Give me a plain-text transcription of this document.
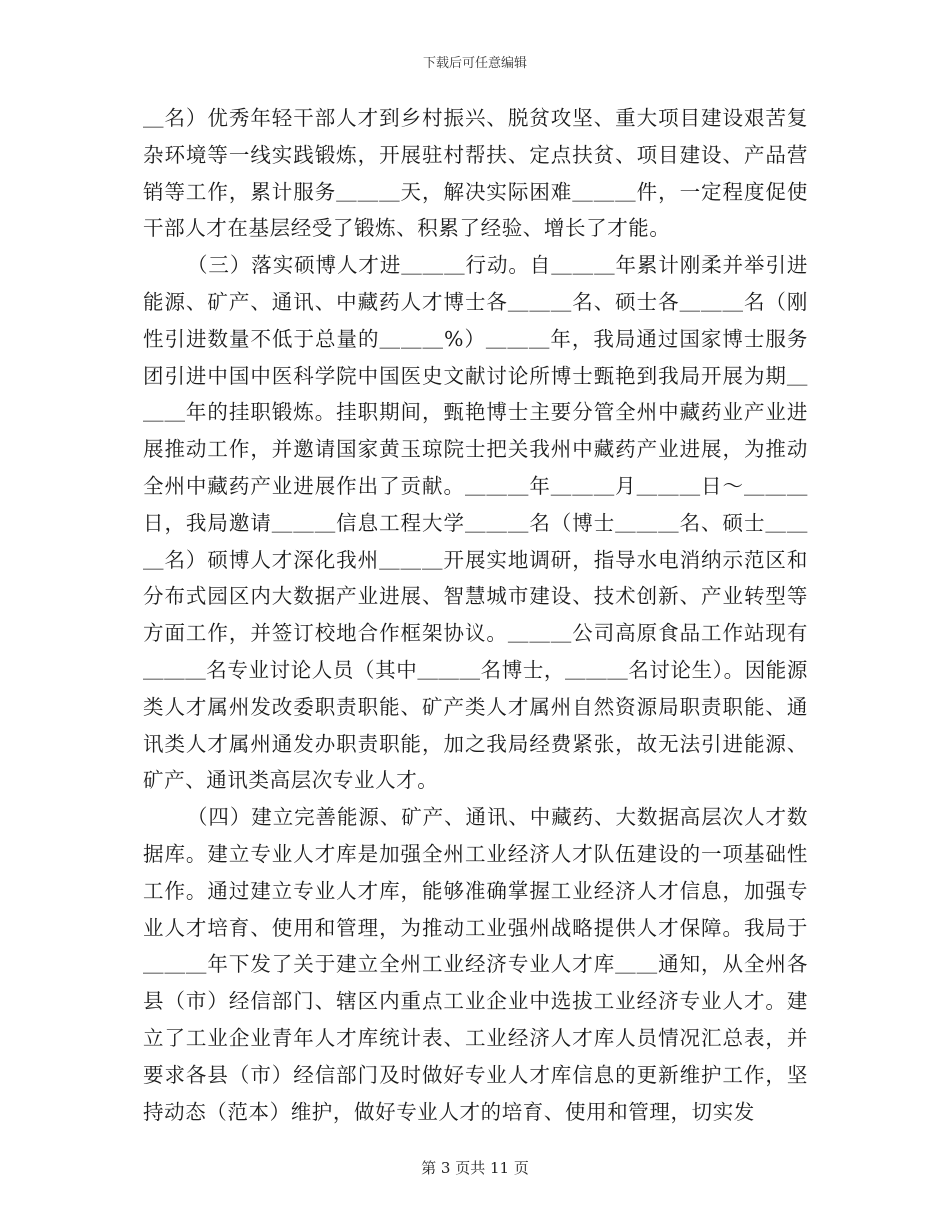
下载后可任意编辑

＿名）优秀年轻干部人才到乡村振兴、脱贫攻坚、重大项目建设艰苦复杂环境等一线实践锻炼，开展驻村帮扶、定点扶贫、项目建设、产品营销等工作，累计服务＿＿＿天，解决实际困难＿＿＿件，一定程度促使干部人才在基层经受了锻炼、积累了经验、增长了才能。

（三）落实硕博人才进＿＿＿行动。自＿＿＿年累计刚柔并举引进能源、矿产、通讯、中藏药人才博士各＿＿＿名、硕士各＿＿＿名（刚性引进数量不低于总量的＿＿＿%）＿＿＿年，我局通过国家博士服务团引进中国中医科学院中国医史文献讨论所博士甄艳到我局开展为期＿＿＿年的挂职锻炼。挂职期间，甄艳博士主要分管全州中藏药业产业进展推动工作，并邀请国家黄玉琼院士把关我州中藏药产业进展，为推动全州中藏药产业进展作出了贡献。＿＿＿年＿＿＿月＿＿＿日～＿＿＿日，我局邀请＿＿＿信息工程大学＿＿＿名（博士＿＿＿名、硕士＿＿＿名）硕博人才深化我州＿＿＿开展实地调研，指导水电消纳示范区和分布式园区内大数据产业进展、智慧城市建设、技术创新、产业转型等方面工作，并签订校地合作框架协议。＿＿＿公司高原食品工作站现有＿＿＿名专业讨论人员（其中＿＿＿名博士，＿＿＿名讨论生）。因能源类人才属州发改委职责职能、矿产类人才属州自然资源局职责职能、通讯类人才属州通发办职责职能，加之我局经费紧张，故无法引进能源、矿产、通讯类高层次专业人才。

（四）建立完善能源、矿产、通讯、中藏药、大数据高层次人才数据库。建立专业人才库是加强全州工业经济人才队伍建设的一项基础性工作。通过建立专业人才库，能够准确掌握工业经济人才信息，加强专业人才培育、使用和管理，为推动工业强州战略提供人才保障。我局于＿＿＿年下发了关于建立全州工业经济专业人才库＿＿通知，从全州各县（市）经信部门、辖区内重点工业企业中选拔工业经济专业人才。建立了工业企业青年人才库统计表、工业经济人才库人员情况汇总表，并要求各县（市）经信部门及时做好专业人才库信息的更新维护工作，坚持动态（范本）维护，做好专业人才的培育、使用和管理，切实发

第 3 页共 11 页
